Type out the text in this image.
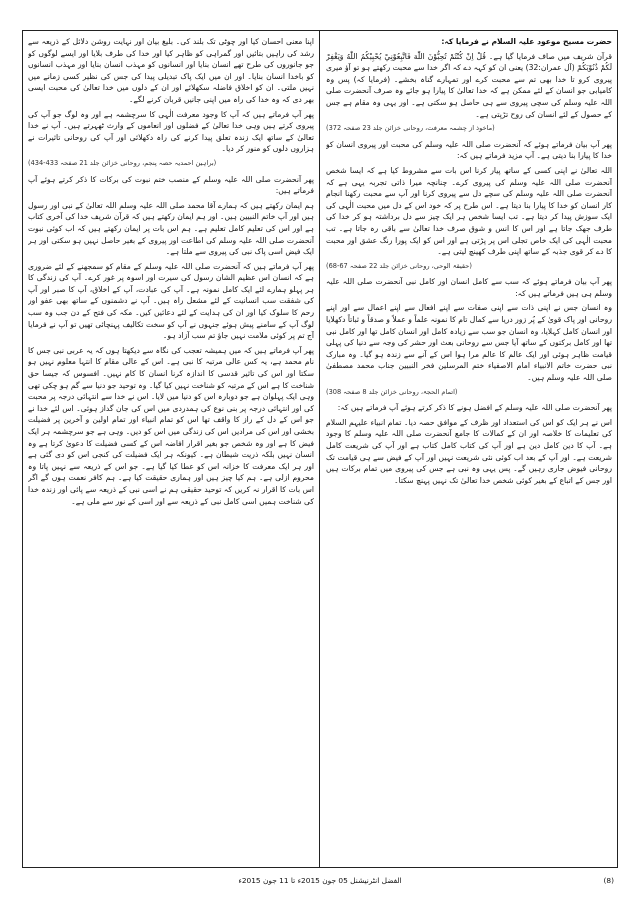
حضرت مسیح موعود علیہ السلام نے فرمایا کہ:

قرآن شریف میں صاف فرمایا گیا ہے۔ قُلْ اِنْ كُنْتُمْ تُحِبُّوْنَ اللّٰهَ فَاتَّبِعُوْنِيْ يُحْبِبْكُمُ اللّٰهُ وَيَغْفِرْ لَكُمْ ذُنُوْبَكُمْ (آل عمران:32) یعنی ان کو کہہ دے کہ اگر خدا سے محبت رکھتے ہو تو آؤ میری پیروی کرو تا خدا بھی تم سے محبت کرے اور تمہارے گناہ بخشے۔ (فرمایا کہ) پس وہ کامیابی جو انسان کے لئے ممکن ہے کہ خدا تعالیٰ کا پیارا ہو جائے وہ صرف آنحضرت صلی اللہ علیہ وسلم کی سچی پیروی سے ہی حاصل ہو سکتی ہے۔ اور یہی وہ مقام ہے جس کے حصول کے لئے انسان کی روح تڑپتی ہے۔

(ماخوذ از چشمہ معرفت، روحانی خزائن جلد 23 صفحہ 372)

پھر آپ بیان فرماتے ہوئے کہ آنحضرت صلی اللہ علیہ وسلم کی محبت اور پیروی انسان کو خدا کا پیارا بنا دیتی ہے۔ آپ مزید فرماتے ہیں کہ:

اللہ تعالیٰ نے اپنی کسی کے ساتھ پیار کرنا اس بات سے مشروط کیا ہے کہ ایسا شخص آنحضرت صلی اللہ علیہ وسلم کی پیروی کرے۔ چنانچہ میرا ذاتی تجربہ یہی ہے کہ آنحضرت صلی اللہ علیہ وسلم کی سچے دل سے پیروی کرنا اور آپ سے محبت رکھنا انجام کار انسان کو خدا کا پیارا بنا دیتا ہے۔ اس طرح پر کہ خود اس کے دل میں محبت الٰہی کی ایک سوزش پیدا کر دیتا ہے۔ تب ایسا شخص ہر ایک چیز سے دل برداشتہ ہو کر خدا کی طرف جھک جاتا ہے اور اس کا انس و شوق صرف خدا تعالیٰ سے باقی رہ جاتا ہے۔ تب محبت الٰہی کی ایک خاص تجلی اس پر پڑتی ہے اور اس کو ایک پورا رنگ عشق اور محبت کا دے کر قوی جذبہ کے ساتھ اپنی طرف کھینچ لیتی ہے۔

(حقیقۃ الوحی، روحانی خزائن جلد 22 صفحہ 67-68)

پھر آپ بیان فرماتے ہوئے کہ سب سے کامل انسان اور کامل نبی آنحضرت صلی اللہ علیہ وسلم ہی ہیں فرماتے ہیں کہ:

وہ انسان جس نے اپنی ذات سے اپنی صفات سے اپنے افعال سے اپنے اعمال سے اور اپنے روحانی اور پاک قویٰ کے پُر زور دریا سے کمال تام کا نمونہ علماً و عملاً و صدقاً و ثباتاً دکھلایا اور انسان کامل کہلایا، وہ انسان جو سب سے زیادہ کامل اور انسان کامل تھا اور کامل نبی تھا اور کامل برکتوں کے ساتھ آیا جس سے روحانی بعث اور حشر کی وجہ سے دنیا کی پہلی قیامت ظاہر ہوئی اور ایک عالم کا عالم مرا ہوا اس کے آنے سے زندہ ہو گیا۔ وہ مبارک نبی حضرت خاتم الانبیاء امام الاصفیاء ختم المرسلین فخر النبیین جناب محمد مصطفیٰ صلی اللہ علیہ وسلم ہیں۔

(اتمام الحجۃ، روحانی خزائن جلد 8 صفحہ 308)

پھر آنحضرت صلی اللہ علیہ وسلم کے افضل ہونے کا ذکر کرتے ہوئے آپ فرماتے ہیں کہ:

اس نے ہر ایک کو اس کی استعداد اور ظرف کے موافق حصہ دیا۔ تمام انبیاء علیہم السلام کی تعلیمات کا خلاصہ اور ان کے کمالات کا جامع آنحضرت صلی اللہ علیہ وسلم کا وجود ہے۔ آپ کا دین کامل دین ہے اور آپ کی کتاب کامل کتاب ہے اور آپ کی شریعت کامل شریعت ہے۔ اور آپ کے بعد اب کوئی نئی شریعت نہیں اور آپ کے فیض سے ہی قیامت تک روحانی فیوض جاری رہیں گے۔ پس یہی وہ نبی ہے جس کی پیروی میں تمام برکات ہیں اور جس کے اتباع کے بغیر کوئی شخص خدا تعالیٰ تک نہیں پہنچ سکتا۔

اپنا معنی احسان کیا اور چوٹی تک بلند کی۔ بلیغ بیان اور نہایت روشن دلائل کے ذریعہ سے رشد کی راہیں بتائیں اور گمراہی کو ظاہر کیا اور خدا کی طرف بلایا اور ایسے لوگوں کو جو جانوروں کی طرح تھے انسان بنایا اور انسانوں کو مہذب انسان بنایا اور مہذب انسانوں کو باخدا انسان بنایا۔ اور ان میں ایک پاک تبدیلی پیدا کی جس کی نظیر کسی زمانے میں نہیں ملتی۔ ان کو اخلاق فاضلہ سکھلائے اور ان کے دلوں میں خدا تعالیٰ کی محبت ایسی بھر دی کہ وہ خدا کی راہ میں اپنی جانیں قربان کرنے لگے۔

پھر آپ فرماتے ہیں کہ آپ کا وجود معرفت الٰہی کا سرچشمہ ہے اور وہ لوگ جو آپ کی پیروی کرتے ہیں وہی خدا تعالیٰ کے فضلوں اور انعاموں کے وارث ٹھہرتے ہیں۔ آپ نے خدا تعالیٰ کے ساتھ ایک زندہ تعلق پیدا کرنے کی راہ دکھلائی اور آپ کی روحانی تاثیرات نے ہزاروں دلوں کو منور کر دیا۔

(براہین احمدیہ حصہ پنجم، روحانی خزائن جلد 21 صفحہ 433-434)

پھر آنحضرت صلی اللہ علیہ وسلم کے منصب ختم نبوت کی برکات کا ذکر کرتے ہوئے آپ فرماتے ہیں:

ہم ایمان رکھتے ہیں کہ ہمارے آقا محمد صلی اللہ علیہ وسلم اللہ تعالیٰ کے نبی اور رسول ہیں اور آپ خاتم النبیین ہیں۔ اور ہم ایمان رکھتے ہیں کہ قرآن شریف خدا کی آخری کتاب ہے اور اس کی تعلیم کامل تعلیم ہے۔ ہم اس بات پر ایمان رکھتے ہیں کہ اب کوئی نبوت آنحضرت صلی اللہ علیہ وسلم کی اطاعت اور پیروی کے بغیر حاصل نہیں ہو سکتی اور ہر ایک فیض اسی پاک نبی کی پیروی سے ملتا ہے۔

پھر آپ فرماتے ہیں کہ آنحضرت صلی اللہ علیہ وسلم کے مقام کو سمجھنے کے لئے ضروری ہے کہ انسان اس عظیم الشان رسول کی سیرت اور اسوہ پر غور کرے۔ آپ کی زندگی کا ہر پہلو ہمارے لئے ایک کامل نمونہ ہے۔ آپ کی عبادت، آپ کے اخلاق، آپ کا صبر اور آپ کی شفقت سب انسانیت کے لئے مشعل راہ ہیں۔ آپ نے دشمنوں کے ساتھ بھی عفو اور رحم کا سلوک کیا اور ان کی ہدایت کے لئے دعائیں کیں۔ مکہ کی فتح کے دن جب وہ سب لوگ آپ کے سامنے پیش ہوئے جنہوں نے آپ کو سخت تکالیف پہنچائی تھیں تو آپ نے فرمایا آج تم پر کوئی ملامت نہیں جاؤ تم سب آزاد ہو۔

پھر آپ فرماتے ہیں کہ میں ہمیشہ تعجب کی نگاہ سے دیکھتا ہوں کہ یہ عربی نبی جس کا نام محمد ہے، یہ کس عالی مرتبہ کا نبی ہے۔ اس کے عالی مقام کا انتہا معلوم نہیں ہو سکتا اور اس کی تاثیر قدسی کا اندازہ کرنا انسان کا کام نہیں۔ افسوس کہ جیسا حق شناخت کا ہے اس کے مرتبہ کو شناخت نہیں کیا گیا۔ وہ توحید جو دنیا سے گم ہو چکی تھی وہی ایک پہلوان ہے جو دوبارہ اس کو دنیا میں لایا۔ اس نے خدا سے انتہائی درجہ پر محبت کی اور انتہائی درجہ پر بنی نوع کی ہمدردی میں اس کی جان گداز ہوئی۔ اس لئے خدا نے جو اس کے دل کے راز کا واقف تھا اس کو تمام انبیاء اور تمام اولین و آخرین پر فضیلت بخشی اور اس کی مرادیں اس کی زندگی میں اس کو دیں۔ وہی ہے جو سرچشمہ ہر ایک فیض کا ہے اور وہ شخص جو بغیر اقرار افاضہ اس کے کسی فضیلت کا دعویٰ کرتا ہے وہ انسان نہیں بلکہ ذریت شیطان ہے۔ کیونکہ ہر ایک فضیلت کی کنجی اس کو دی گئی ہے اور ہر ایک معرفت کا خزانہ اس کو عطا کیا گیا ہے۔ جو اس کے ذریعہ سے نہیں پاتا وہ محروم ازلی ہے۔ ہم کیا چیز ہیں اور ہماری حقیقت کیا ہے۔ ہم کافر نعمت ہوں گے اگر اس بات کا اقرار نہ کریں کہ توحید حقیقی ہم نے اسی نبی کے ذریعہ سے پائی اور زندہ خدا کی شناخت ہمیں اسی کامل نبی کے ذریعہ سے اور اسی کے نور سے ملی ہے۔

(8)
الفضل انٹرنیشنل 05 جون 2015ء تا 11 جون 2015ء
